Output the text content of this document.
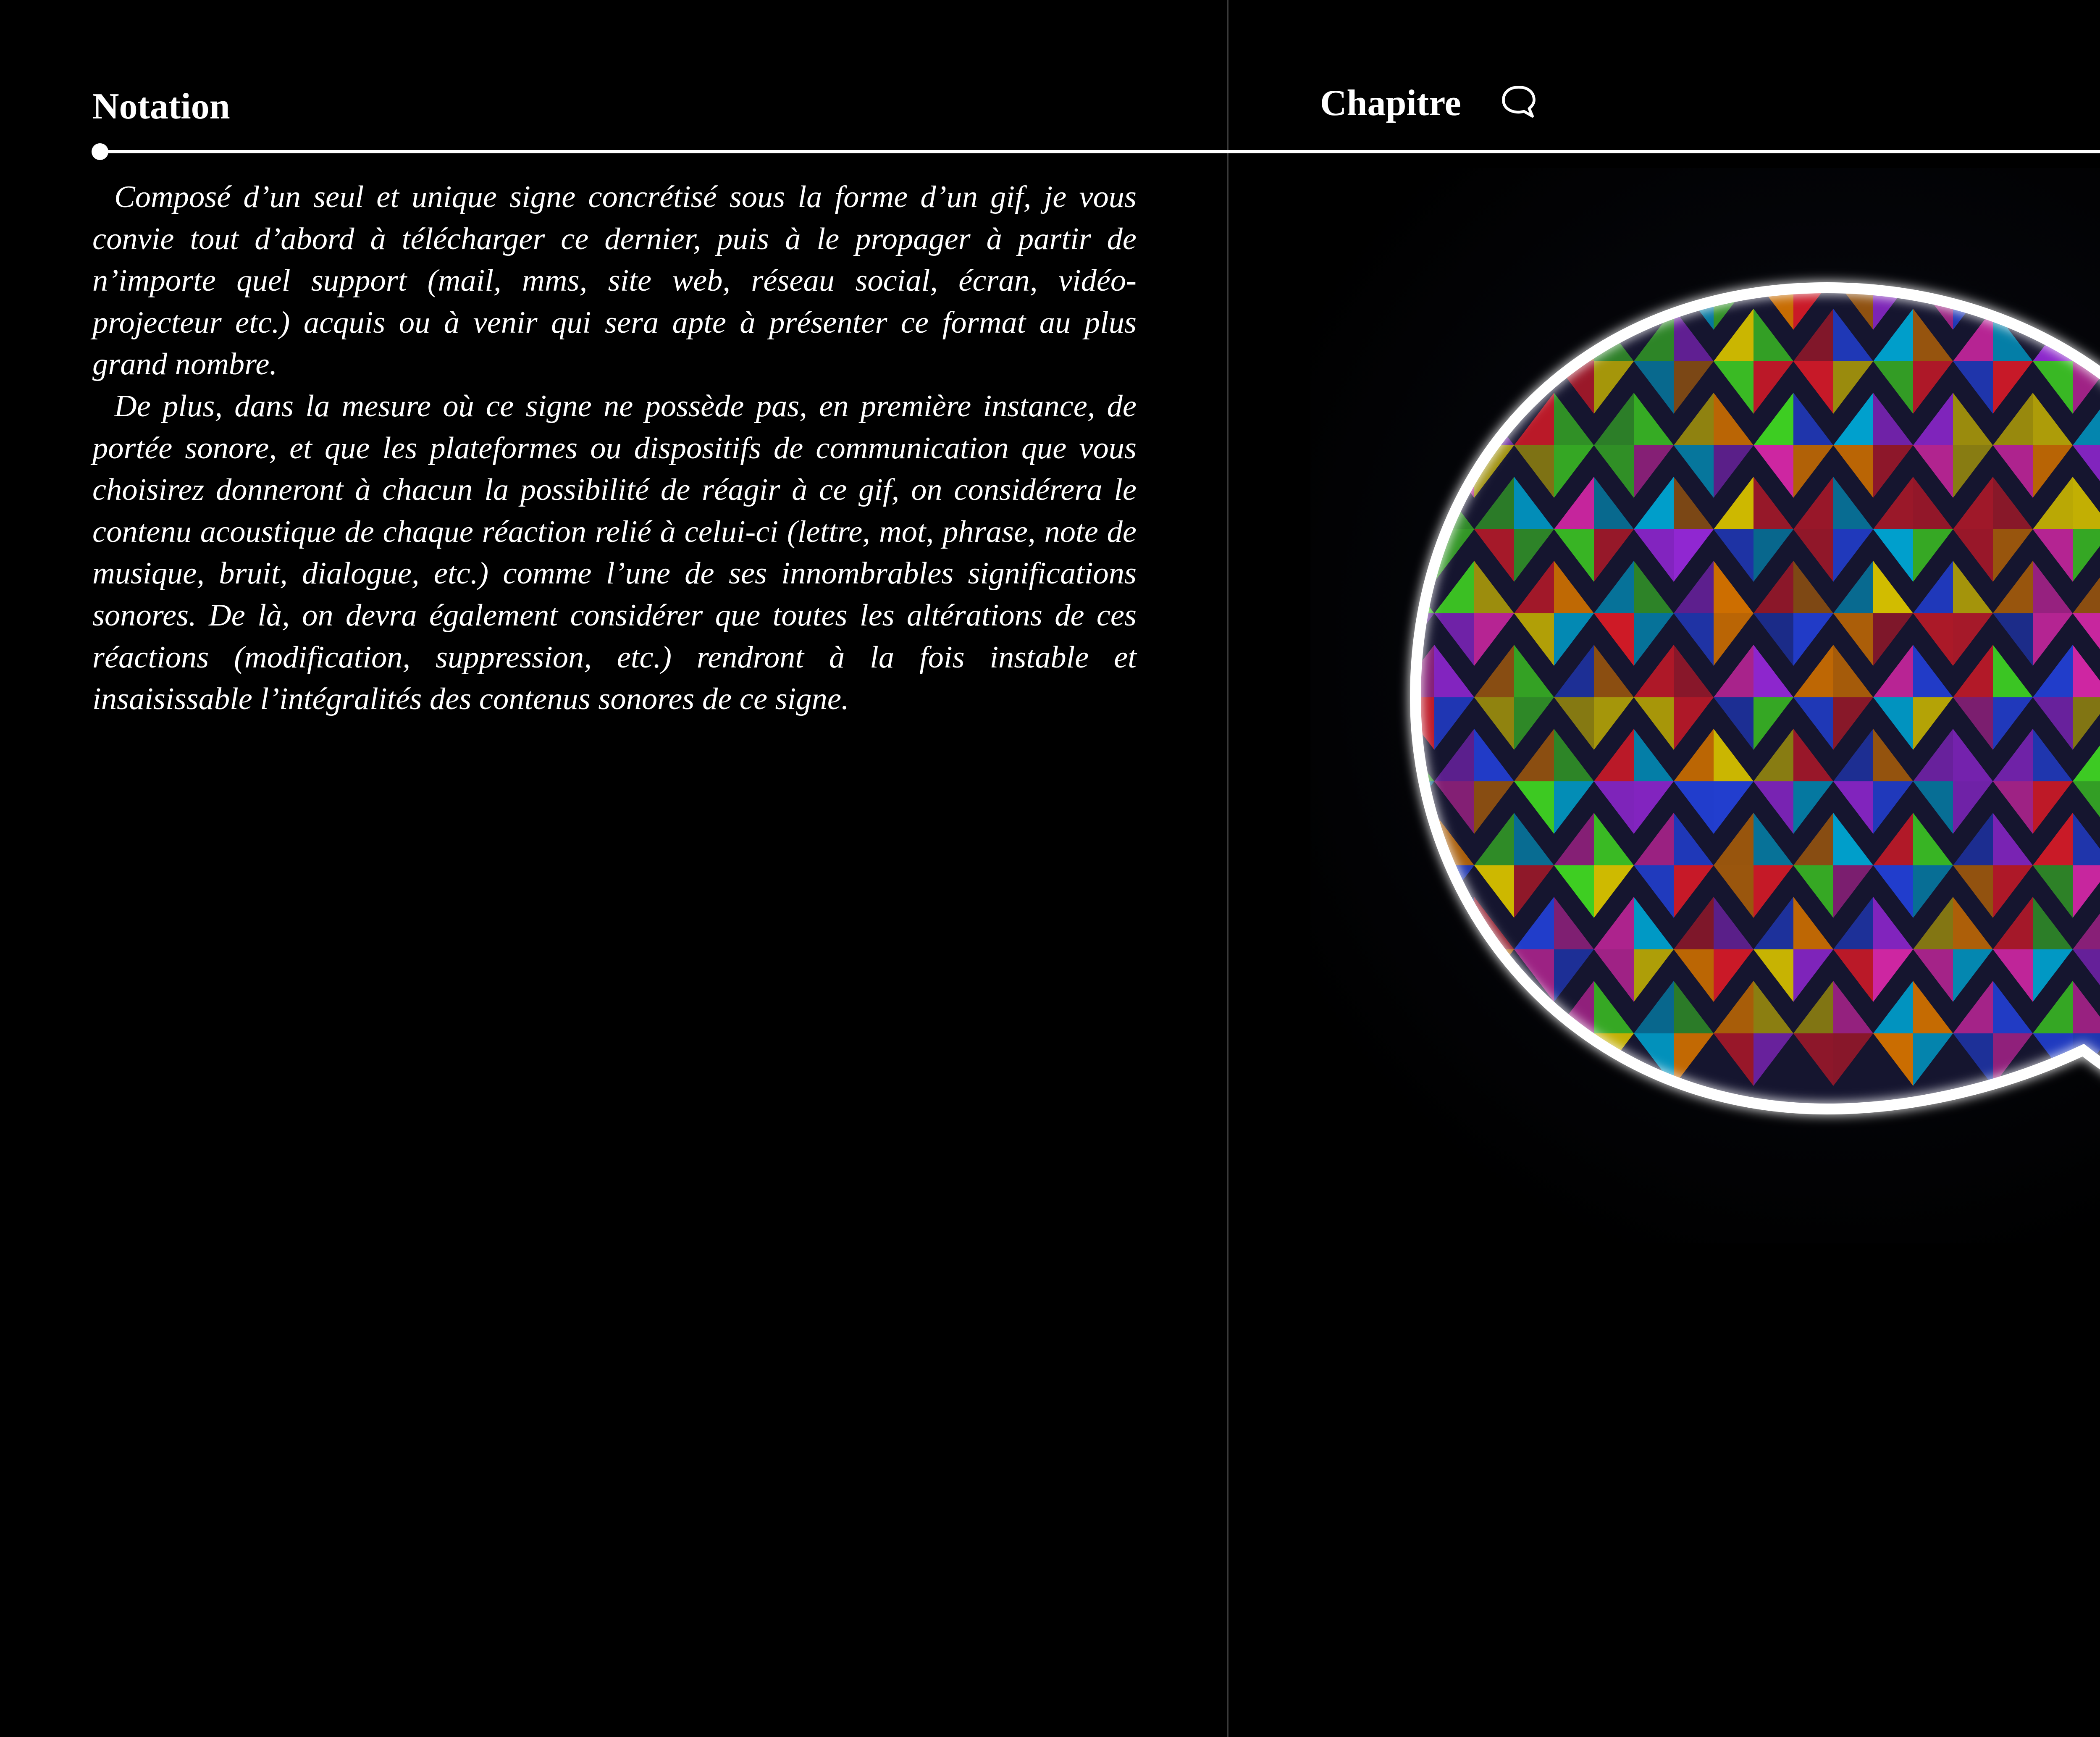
Notation	Chapitre

Composé d’un seul et unique signe concrétisé sous la forme d’un gif, je vous convie tout d’abord à télécharger ce dernier, puis à le propager à partir de n’importe quel support (mail, mms, site web, réseau social, écran, vidéo-projecteur etc.) acquis ou à venir qui sera apte à présenter ce format au plus grand nombre.

De plus, dans la mesure où ce signe ne possède pas, en première instance, de portée sonore, et que les plateformes ou dispositifs de communication que vous choisirez donneront à chacun la possibilité de réagir à ce gif, on considérera le contenu acoustique de chaque réaction relié à celui-ci (lettre, mot, phrase, note de musique, bruit, dialogue, etc.) comme l’une de ses innombrables significations sonores. De là, on devra également considérer que toutes les altérations de ces réactions (modification, suppression, etc.) rendront à la fois instable et insaisissable l’intégralités des contenus sonores de ce signe.
